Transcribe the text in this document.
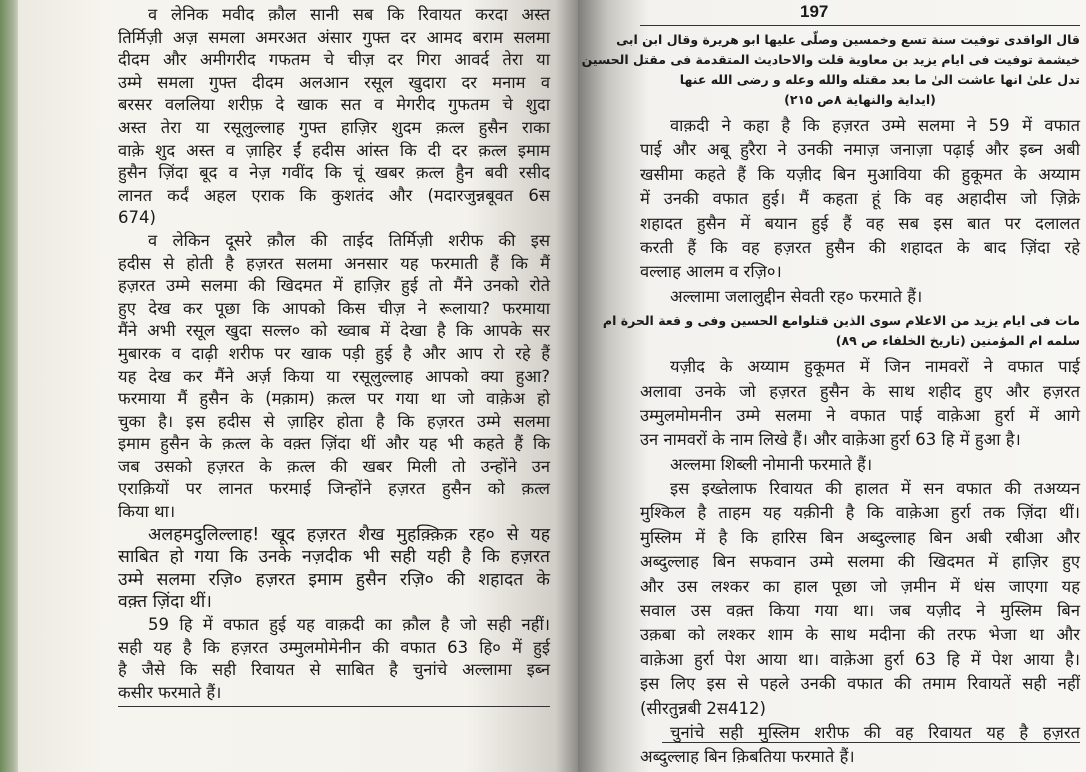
व लेनिक मवीद क़ौल सानी सब कि रिवायत करदा अस्त
तिर्मिज़ी अज़ समला अमरअत अंसार गुफ्त दर आमद बराम सलमा
दीदम और अमीगरीद गफतम चे चीज़ दर गिरा आवर्द तेरा या
उम्मे समला गुफ्त दीदम अलआन रसूल खुदारा दर मनाम व
बरसर वललिया शरीफ़ दे खाक सत व मेगरीद गुफतम चे शुदा
अस्त तेरा या रसूलुल्लाह गुफ्त हाज़िर शुदम क़त्ल हुसैन राका
वाक़े शुद अस्त व ज़ाहिर ईं हदीस आंस्त कि दी दर क़त्ल इमाम
हुसैन ज़िंदा बूद व नेज़ गवींद कि चूं खबर क़त्ल हुैन बवी रसीद
लानत कर्दं अहल एराक कि कुशतंद और (मदारजुन्नबूवत 6स
674)
व लेकिन दूसरे क़ौल की ताईद तिर्मिज़ी शरीफ की इस
हदीस से होती है हज़रत सलमा अनसार यह फरमाती हैं कि मैं
हज़रत उम्मे सलमा की खिदमत में हाज़िर हुई तो मैंने उनको रोते
हुए देख कर पूछा कि आपको किस चीज़ ने रूलाया? फरमाया
मैंने अभी रसूल खुदा सल्ल० को ख्वाब में देखा है कि आपके सर
मुबारक व दाढ़ी शरीफ पर खाक पड़ी हुई है और आप रो रहे हैं
यह देख कर मैंने अर्ज़ किया या रसूलुल्लाह आपको क्या हुआ?
फरमाया मैं हुसैन के (मक़ाम) क़त्ल पर गया था जो वाक़ेअ हो
चुका है। इस हदीस से ज़ाहिर होता है कि हज़रत उम्मे सलमा
इमाम हुसैन के क़त्ल के वक़्त ज़िंदा थीं और यह भी कहते हैं कि
जब उसको हज़रत के क़त्ल की खबर मिली तो उन्होंने उन
एराक़ियों पर लानत फरमाई जिन्होंने हज़रत हुसैन को क़त्ल
किया था।
अलहमदुलिल्लाह! खूद हज़रत शैख मुहक़्क़िक़ रह० से यह
साबित हो गया कि उनके नज़दीक भी सही यही है कि हज़रत
उम्मे सलमा रज़ि० हज़रत इमाम हुसैन रज़ि० की शहादत के
वक़्त ज़िंदा थीं।
59 हि में वफात हुई यह वाक़दी का क़ौल है जो सही नहीं।
सही यह है कि हज़रत उम्मुलमोमेनीन की वफात 63 हि० में हुई
है जैसे कि सही रिवायत से साबित है चुनांचे अल्लामा इब्न
कसीर फरमाते हैं।
قال الواقدی توفیت سنة تسع وخمسین وصلّی علیها ابو هریرة وقال ابن ابی
خیشمة توفیت فی ایام یزید بن معاویة قلت والاحادیث المتقدمة فی مقتل الحسین
تدل علیٰ انها عاشت الیٰ ما بعد مقتله والله وعله و رضی الله عنها
(ایدایة والنهایة ۸ص ۲۱۵)
वाक़दी ने कहा है कि हज़रत उम्मे सलमा ने 59 में वफात
पाई और अबू हुरैरा ने उनकी नमाज़ जनाज़ा पढ़ाई और इब्न अबी
खसीमा कहते हैं कि यज़ीद बिन मुआविया की हुकूमत के अय्याम
में उनकी वफात हुई। मैं कहता हूं कि वह अहादीस जो ज़िक्रे
शहादत हुसैन में बयान हुई हैं वह सब इस बात पर दलालत
करती हैं कि वह हज़रत हुसैन की शहादत के बाद ज़िंदा रहे
वल्लाह आलम व रज़ि०।
अल्लामा जलालुद्दीन सेवती रह० फरमाते हैं।
مات فی ایام یزید من الاعلام سوی الذین قتلوامع الحسین وفی و قعة الحرة ام
سلمه ام المؤمنین (تاریخ الخلفاء ص ۸۹)
यज़ीद के अय्याम हुकूमत में जिन नामवरों ने वफात पाई
अलावा उनके जो हज़रत हुसैन के साथ शहीद हुए और हज़रत
उम्मुलमोमनीन उम्मे सलमा ने वफात पाई वाक़ेआ हुर्रा में आगे
उन नामवरों के नाम लिखे हैं। और वाक़ेआ हुर्रा 63 हि में हुआ है।
अल्लमा शिब्ली नोमानी फरमाते हैं।
इस इख्तेलाफ रिवायत की हालत में सन वफात की तअय्यन
मुश्किल है ताहम यह यक़ीनी है कि वाक़ेआ हुर्रा तक ज़िंदा थीं।
मुस्लिम में है कि हारिस बिन अब्दुल्लाह बिन अबी रबीआ और
अब्दुल्लाह बिन सफवान उम्मे सलमा की खिदमत में हाज़िर हुए
और उस लश्कर का हाल पूछा जो ज़मीन में धंस जाएगा यह
सवाल उस वक़्त किया गया था। जब यज़ीद ने मुस्लिम बिन
उक़बा को लश्कर शाम के साथ मदीना की तरफ भेजा था और
वाक़ेआ हुर्रा पेश आया था। वाक़ेआ हुर्रा 63 हि में पेश आया है।
इस लिए इस से पहले उनकी वफात की तमाम रिवायतें सही नहीं
(सीरतुन्नबी 2स412)
चुनांचे सही मुस्लिम शरीफ की वह रिवायत यह है हज़रत
अब्दुल्लाह बिन क़िबतिया फरमाते हैं।
197
